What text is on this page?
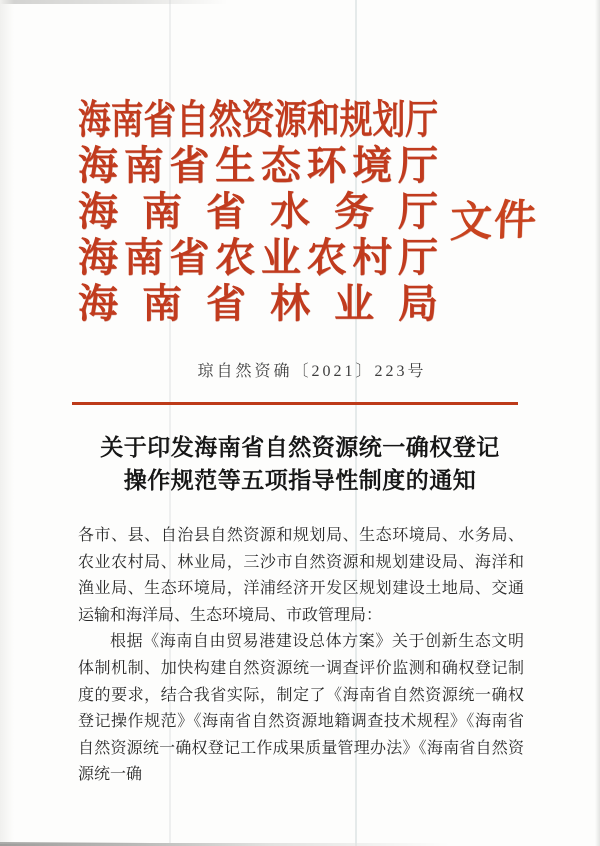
海南省自然资源和规划厅
海南省生态环境厅
海南省水务厅
海南省农业农村厅
海南省林业局
文件
琼自然资确〔2021〕223号
关于印发海南省自然资源统一确权登记
操作规范等五项指导性制度的通知

各市、县、自治县自然资源和规划局、生态环境局、水务局、农业农村局、林业局，三沙市自然资源和规划建设局、海洋和渔业局、生态环境局，洋浦经济开发区规划建设土地局、交通运输和海洋局、生态环境局、市政管理局：

根据《海南自由贸易港建设总体方案》关于创新生态文明体制机制、加快构建自然资源统一调查评价监测和确权登记制度的要求，结合我省实际，制定了《海南省自然资源统一确权登记操作规范》《海南省自然资源地籍调查技术规程》《海南省自然资源统一确权登记工作成果质量管理办法》《海南省自然资源统一确
